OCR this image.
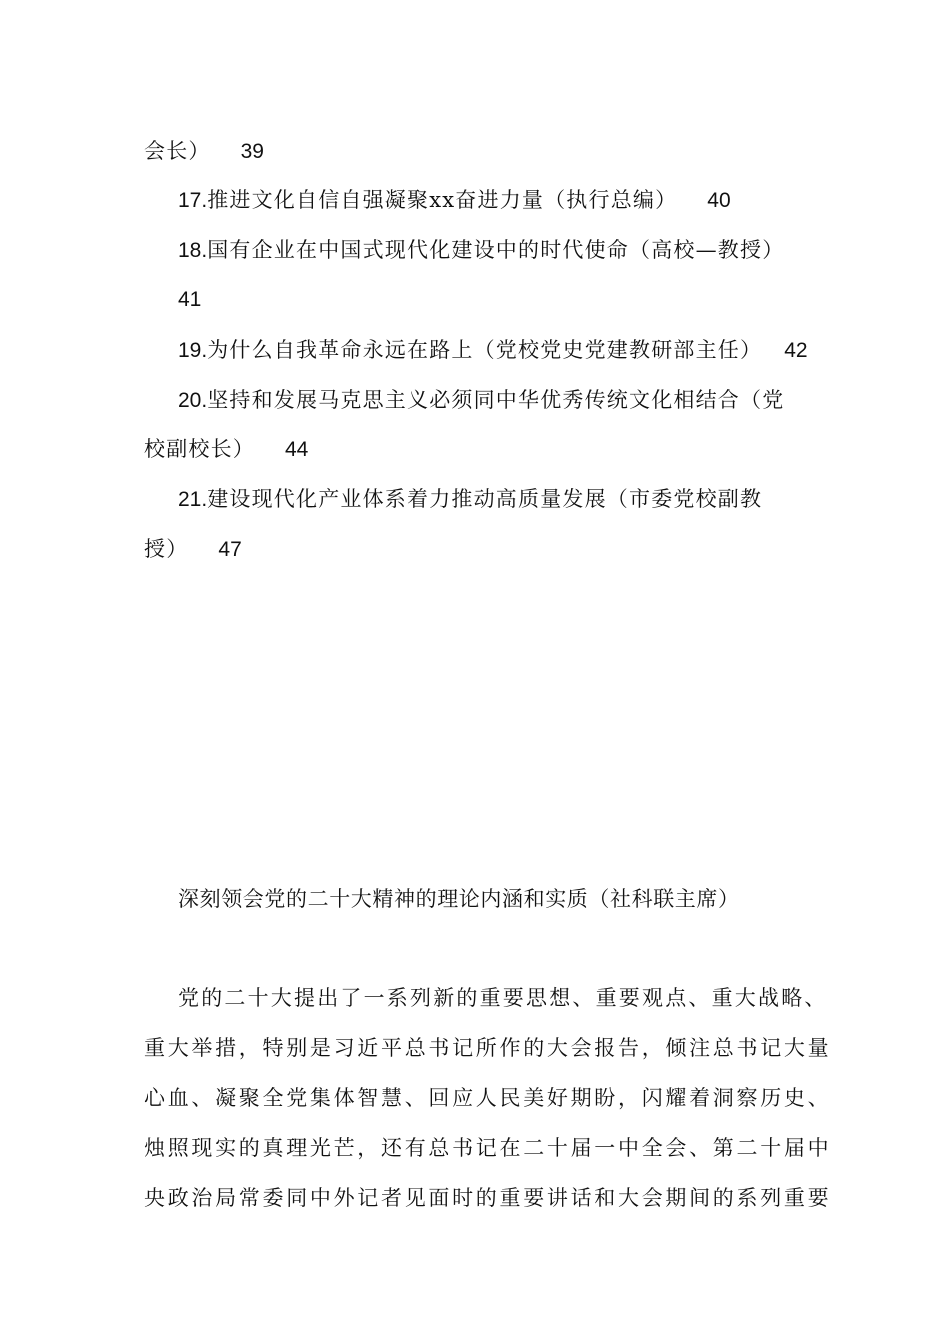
会长） 39
17.推进文化自信自强凝聚xx奋进力量（执行总编） 40
18.国有企业在中国式现代化建设中的时代使命（高校—教授）
41
19.为什么自我革命永远在路上（党校党史党建教研部主任） 42
20.坚持和发展马克思主义必须同中华优秀传统文化相结合（党
校副校长） 44
21.建设现代化产业体系着力推动高质量发展（市委党校副教
授） 47
深刻领会党的二十大精神的理论内涵和实质（社科联主席）
党的二十大提出了一系列新的重要思想、重要观点、重大战略、
重大举措，特别是习近平总书记所作的大会报告，倾注总书记大量
心血、凝聚全党集体智慧、回应人民美好期盼，闪耀着洞察历史、
烛照现实的真理光芒，还有总书记在二十届一中全会、第二十届中
央政治局常委同中外记者见面时的重要讲话和大会期间的系列重要
